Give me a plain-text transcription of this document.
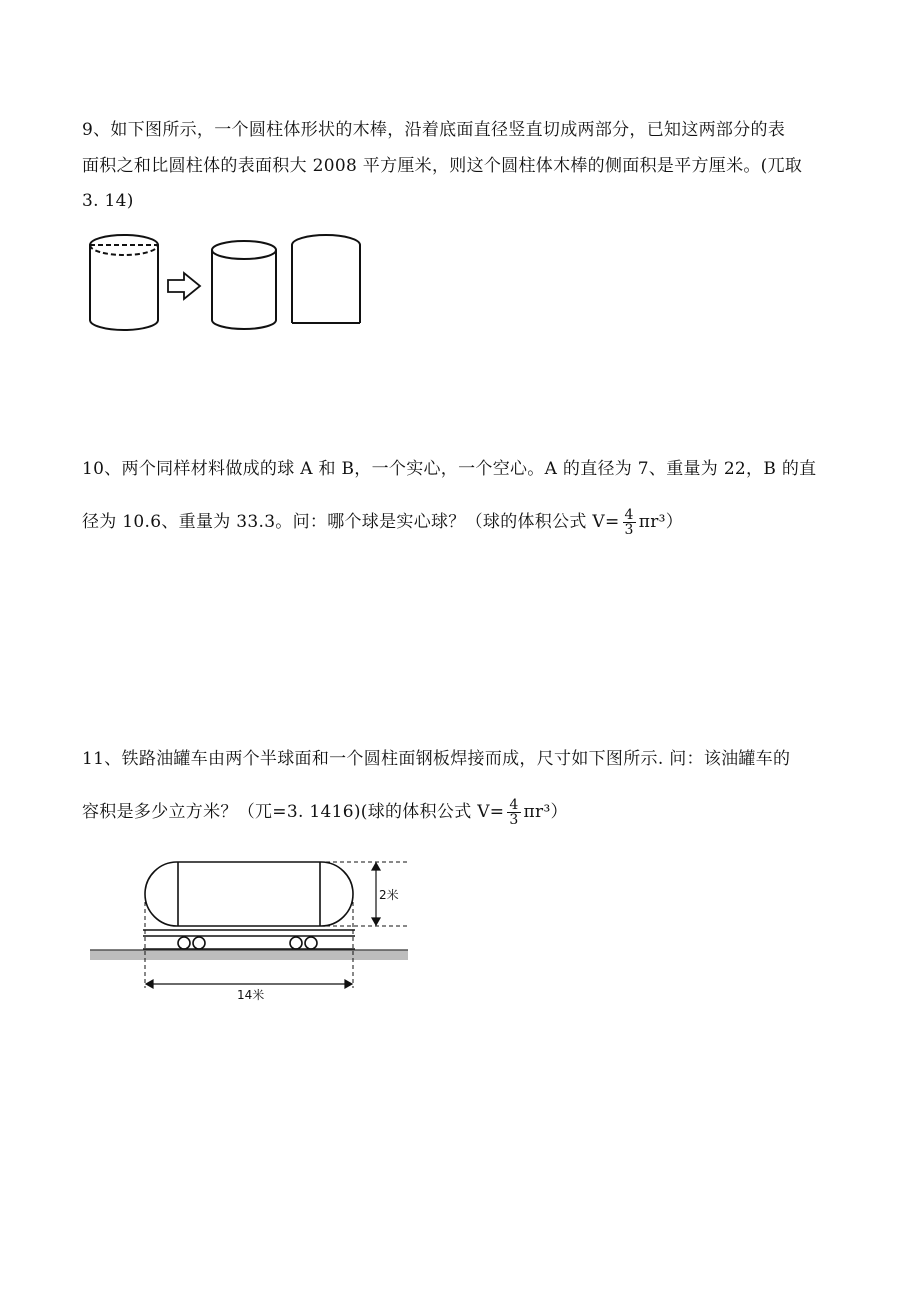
9、如下图所示，一个圆柱体形状的木棒，沿着底面直径竖直切成两部分，已知这两部分的表
面积之和比圆柱体的表面积大 2008 平方厘米，则这个圆柱体木棒的侧面积是平方厘米。(兀取
3. 14)
10、两个同样材料做成的球 A 和 B，一个实心，一个空心。A 的直径为 7、重量为 22，B 的直
径为 10.6、重量为 33.3。问：哪个球是实心球？（球的体积公式 $V= \frac{4}{3} \pi r^3$）
11、铁路油罐车由两个半球面和一个圆柱面钢板焊接而成，尺寸如下图所示. 问：该油罐车的
容积是多少立方米？（兀=3. 1416)(球的体积公式 $V= \frac{4}{3} \pi r^3$）
2米
14米
